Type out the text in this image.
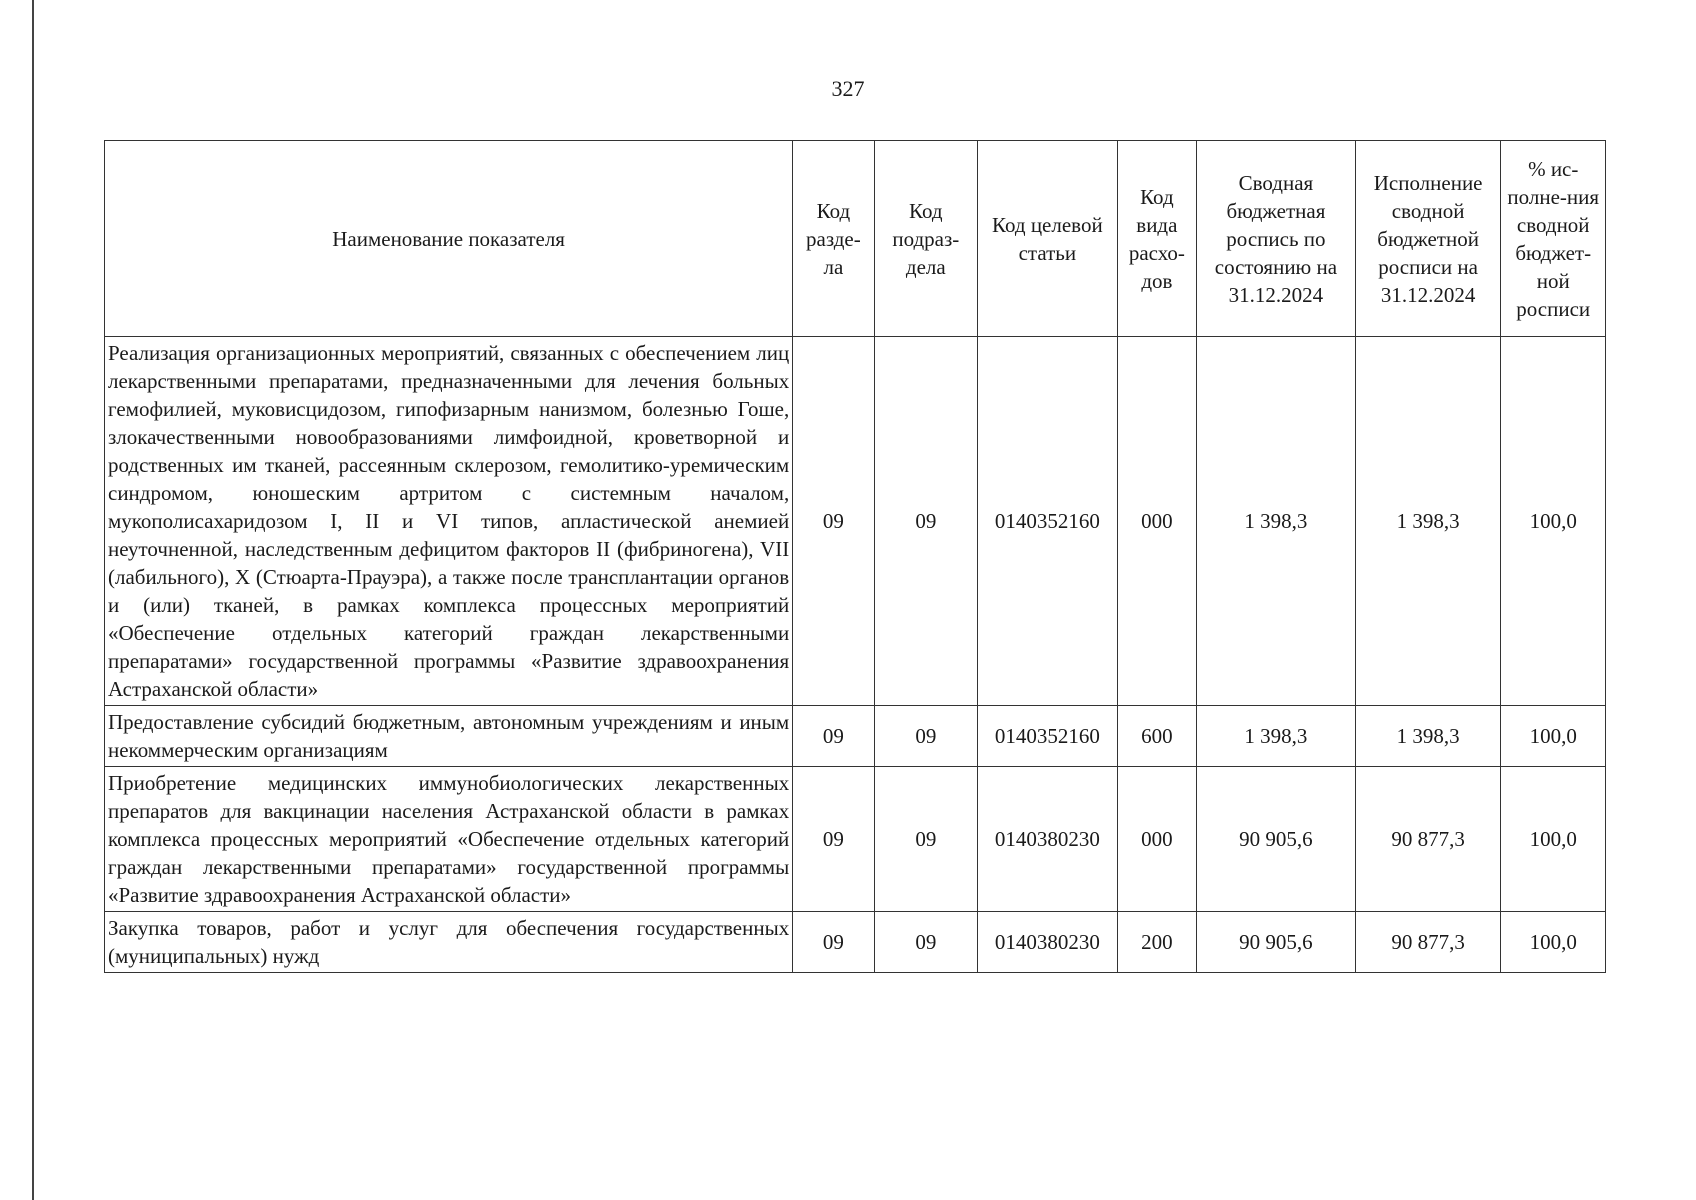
327
Наименование показателя	Код разде-ла	Код подраз-дела	Код целевой статьи	Код вида расхо-дов	Сводная бюджетная роспись по состоянию на 31.12.2024	Исполнение сводной бюджетной росписи на 31.12.2024	% ис-полне-ния сводной бюджет-ной росписи
Реализация организационных мероприятий, связанных с обеспечением лиц лекарственными препаратами, предназначенными для лечения больных гемофилией, муковисцидозом, гипофизарным нанизмом, болезнью Гоше, злокачественными новообразованиями лимфоидной, кроветворной и родственных им тканей, рассеянным склерозом, гемолитико-уремическим синдромом, юношеским артритом с системным началом, мукополисахаридозом I, II и VI типов, апластической анемией неуточненной, наследственным дефицитом факторов II (фибриногена), VII (лабильного), X (Стюарта-Прауэра), а также после трансплантации органов и (или) тканей, в рамках комплекса процессных мероприятий «Обеспечение отдельных категорий граждан лекарственными препаратами» государственной программы «Развитие здравоохранения Астраханской области»	09	09	0140352160	000	1 398,3	1 398,3	100,0
Предоставление субсидий бюджетным, автономным учреждениям и иным некоммерческим организациям	09	09	0140352160	600	1 398,3	1 398,3	100,0
Приобретение медицинских иммунобиологических лекарственных препаратов для вакцинации населения Астраханской области в рамках комплекса процессных мероприятий «Обеспечение отдельных категорий граждан лекарственными препаратами» государственной программы «Развитие здравоохранения Астраханской области»	09	09	0140380230	000	90 905,6	90 877,3	100,0
Закупка товаров, работ и услуг для обеспечения государственных (муниципальных) нужд	09	09	0140380230	200	90 905,6	90 877,3	100,0
